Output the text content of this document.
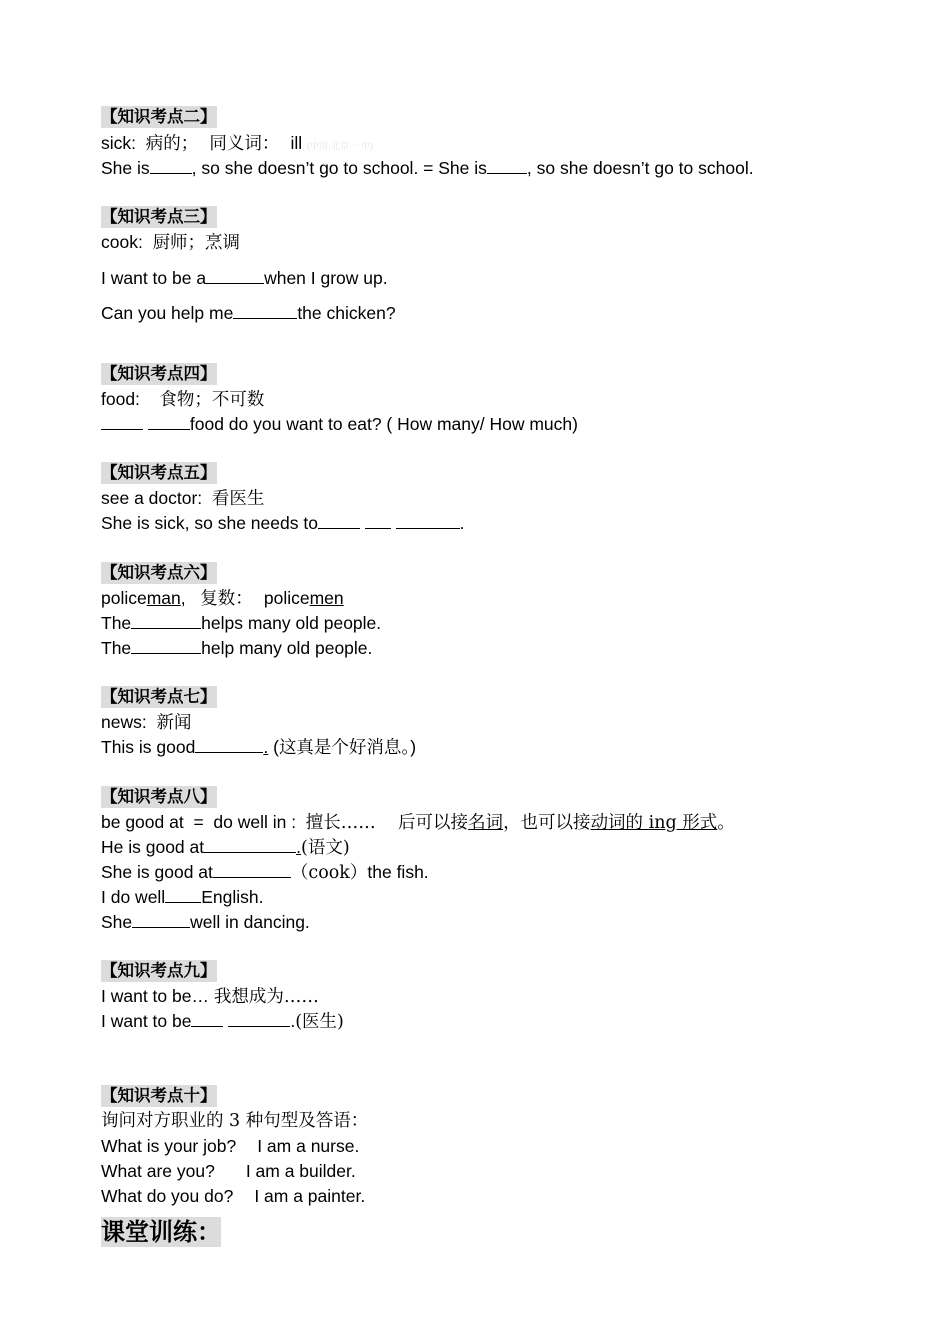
【知识考点二】
sick:  病的；  同义词：  ill (中国·北京·一中)
She is , so she doesn’t go to school. = She is , so she doesn’t go to school.
【知识考点三】
cook:  厨师；烹调
I want to be a	when I grow up.
Can you help me	the chicken?
【知识考点四】
food:    食物；不可数
food do you want to eat? ( How many/ How much)
【知识考点五】
see a doctor:  看医生
She is sick, so she needs to	.
【知识考点六】
policeman,   复数：  policemen
The	helps many old people.
The	help many old people.
【知识考点七】
news:  新闻
This is good	. (这真是个好消息。)
【知识考点八】
be good at  =  do well in :  擅长……    后可以接名词，也可以接动词的 ing 形式。
He is good at	.(语文)
She is good at	（cook）the fish.
I do well English.
She	well in dancing.
【知识考点九】
I want to be… 我想成为……
I want to be	.(医生)
【知识考点十】
询问对方职业的 3 种句型及答语：
What is your job? I am a nurse.
What are you? I am a builder.
What do you do? I am a painter.
课堂训练：
